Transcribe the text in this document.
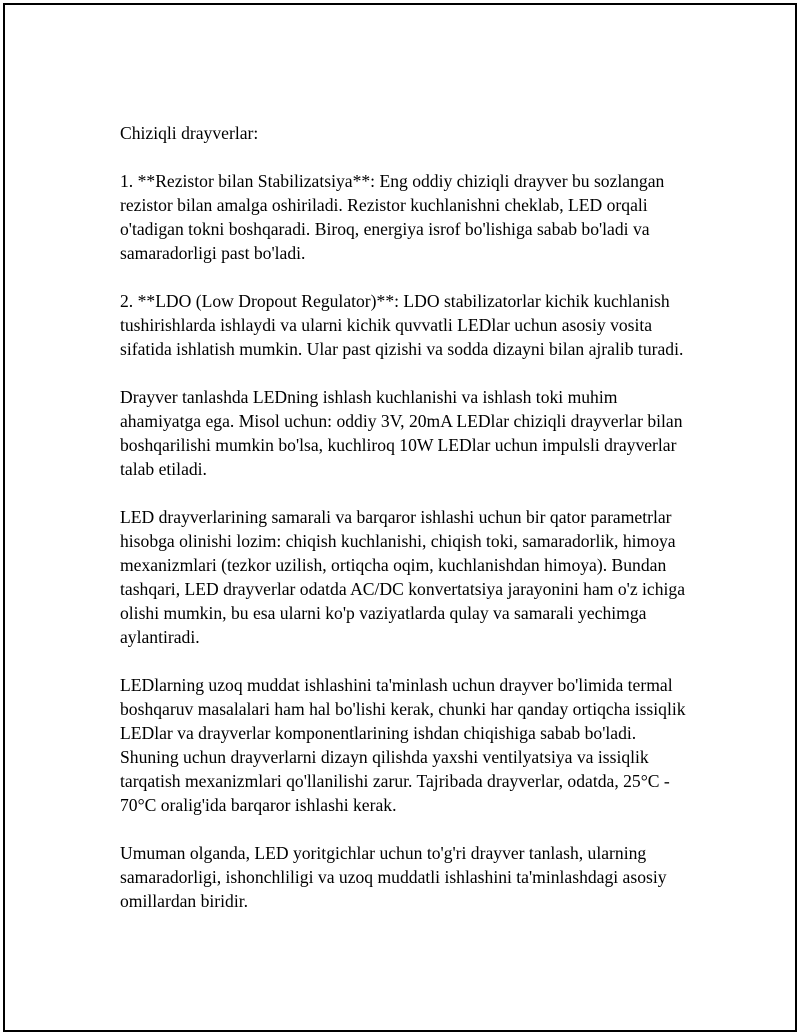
Chiziqli drayverlar:

1. **Rezistor bilan Stabilizatsiya**: Eng oddiy chiziqli drayver bu sozlangan rezistor bilan amalga oshiriladi. Rezistor kuchlanishni cheklab, LED orqali o'tadigan tokni boshqaradi. Biroq, energiya isrof bo'lishiga sabab bo'ladi va samaradorligi past bo'ladi.

2. **LDO (Low Dropout Regulator)**: LDO stabilizatorlar kichik kuchlanish tushirishlarda ishlaydi va ularni kichik quvvatli LEDlar uchun asosiy vosita sifatida ishlatish mumkin. Ular past qizishi va sodda dizayni bilan ajralib turadi.

Drayver tanlashda LEDning ishlash kuchlanishi va ishlash toki muhim ahamiyatga ega. Misol uchun: oddiy 3V, 20mA LEDlar chiziqli drayverlar bilan boshqarilishi mumkin bo'lsa, kuchliroq 10W LEDlar uchun impulsli drayverlar talab etiladi.

LED drayverlarining samarali va barqaror ishlashi uchun bir qator parametrlar hisobga olinishi lozim: chiqish kuchlanishi, chiqish toki, samaradorlik, himoya mexanizmlari (tezkor uzilish, ortiqcha oqim, kuchlanishdan himoya). Bundan tashqari, LED drayverlar odatda AC/DC konvertatsiya jarayonini ham o'z ichiga olishi mumkin, bu esa ularni ko'p vaziyatlarda qulay va samarali yechimga aylantiradi.

LEDlarning uzoq muddat ishlashini ta'minlash uchun drayver bo'limida termal boshqaruv masalalari ham hal bo'lishi kerak, chunki har qanday ortiqcha issiqlik LEDlar va drayverlar komponentlarining ishdan chiqishiga sabab bo'ladi. Shuning uchun drayverlarni dizayn qilishda yaxshi ventilyatsiya va issiqlik tarqatish mexanizmlari qo'llanilishi zarur. Tajribada drayverlar, odatda, 25°C - 70°C oralig'ida barqaror ishlashi kerak.

Umuman olganda, LED yoritgichlar uchun to'g'ri drayver tanlash, ularning samaradorligi, ishonchliligi va uzoq muddatli ishlashini ta'minlashdagi asosiy omillardan biridir.
